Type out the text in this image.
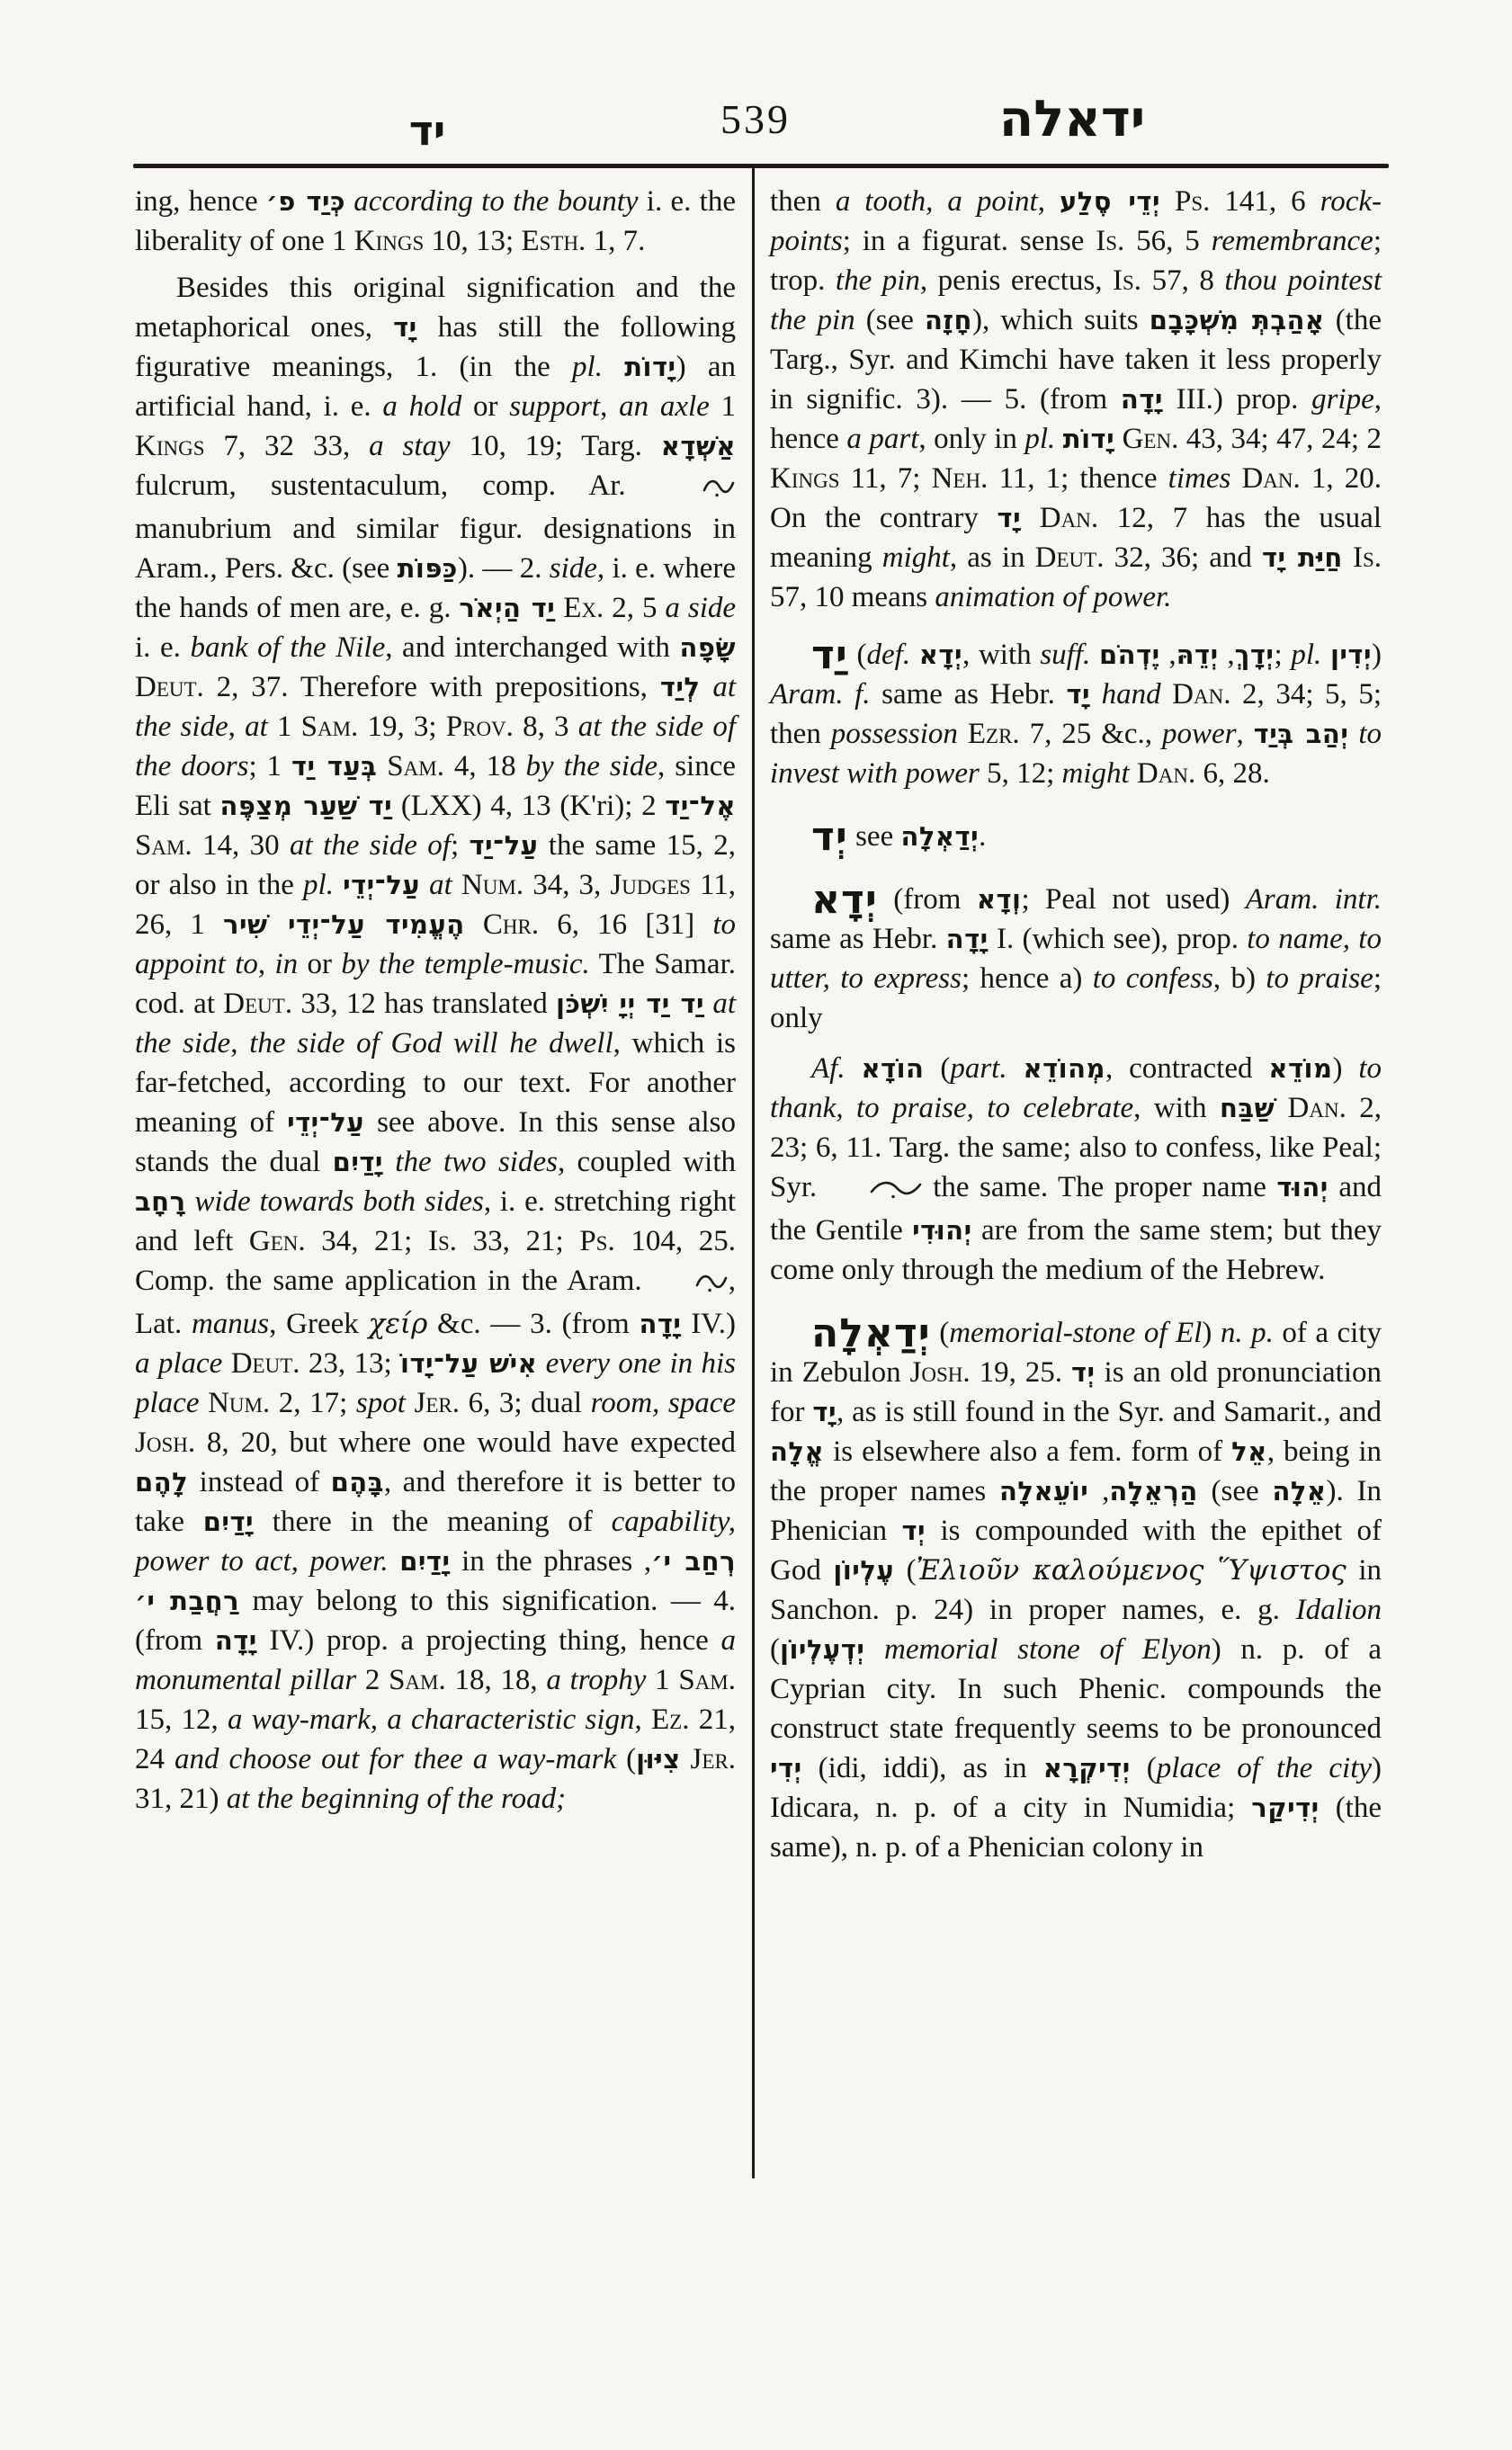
יד	539	ידאלה

ing, hence כְּיַד פ׳ according to the bounty i. e. the liberality of one 1 Kings 10, 13; Esth. 1, 7.

Besides this original signification and the metaphorical ones, יָד has still the following figurative meanings, 1. (in the pl. יָדוֹת) an artificial hand, i. e. a hold or support, an axle 1 Kings 7, 32 33, a stay 10, 19; Targ. אַשְׁדָא fulcrum, sustentaculum, comp. Ar.  manubrium and similar figur. designations in Aram., Pers. &c. (see כַּפּוֹת). — 2. side, i. e. where the hands of men are, e. g. יַד הַיְאֹר Ex. 2, 5 a side i. e. bank of the Nile, and interchanged with שָׂפָה Deut. 2, 37. Therefore with prepositions, לְיַד at the side, at 1 Sam. 19, 3; Prov. 8, 3 at the side of the doors; בְּעַד יַד 1 Sam. 4, 18 by the side, since Eli sat יַד שַׁעַר מְצַפֶּה (LXX) 4, 13 (K'ri); אֶל־יַד 2 Sam. 14, 30 at the side of; עַל־יַד the same 15, 2, or also in the pl. עַל־יְדֵי at Num. 34, 3, Judges 11, 26, הֶעֱמִיד עַל־יְדֵי שִׁיר 1 Chr. 6, 16 [31] to appoint to, in or by the temple-music. The Samar. cod. at Deut. 33, 12 has translated יַד יַד יְיָ יִשְׁכֹּן at the side, the side of God will he dwell, which is far-fetched, according to our text. For another meaning of עַל־יְדֵי see above. In this sense also stands the dual יָדַיִם the two sides, coupled with רָחָב wide towards both sides, i. e. stretching right and left Gen. 34, 21; Is. 33, 21; Ps. 104, 25. Comp. the same application in the Aram.	, Lat. manus, Greek χείρ &c. — 3. (from יָדָה IV.) a place Deut. 23, 13; אִישׁ עַל־יָדוֹ every one in his place Num. 2, 17; spot Jer. 6, 3; dual room, space Josh. 8, 20, but where one would have expected לָהֶם instead of בָּהֶם, and therefore it is better to take יָדַיִם there in the meaning of capability, power to act, power. יָדַיִם in the phrases רְחַב י׳, רַחֲבַת י׳ may belong to this signification. — 4. (from יָדָה IV.) prop. a projecting thing, hence a monumental pillar 2 Sam. 18, 18, a trophy 1 Sam. 15, 12, a way-mark, a characteristic sign, Ez. 21, 24 and choose out for thee a way-mark (צִיּוּן Jer. 31, 21) at the beginning of the road;

then a tooth, a point, יְדֵי סֶלַע Ps. 141, 6 rock-points; in a figurat. sense Is. 56, 5 remembrance; trop. the pin, penis erectus, Is. 57, 8 thou pointest the pin (see חָזָה), which suits אָהַבְתְּ מִשְׁכָּבָם (the Targ., Syr. and Kimchi have taken it less properly in signific. 3). — 5. (from יָדָה III.) prop. gripe, hence a part, only in pl. יָדוֹת Gen. 43, 34; 47, 24; 2 Kings 11, 7; Neh. 11, 1; thence times Dan. 1, 20. On the contrary יָד Dan. 12, 7 has the usual meaning might, as in Deut. 32, 36; and חַיַּת יָד Is. 57, 10 means animation of power.

יַד (def. יְדָא, with suff.	יְדָךְ, יְדֵהּ, יֶדְהֹם	; pl. יְדִין) Aram. f. same as Hebr. יָד hand Dan. 2, 34; 5, 5; then possession Ezr. 7, 25 &c., power, יְהַב בְּיַד to invest with power 5, 12; might Dan. 6, 28.

יְד see יְדַאְלָה.

יְדָא (from וְדָא; Peal not used) Aram. intr. same as Hebr. יָדָה I. (which see), prop. to name, to utter, to express; hence a) to confess, b) to praise; only

Af. הוֹדָא (part. מְהוֹדֵא, contracted מוֹדֵא) to thank, to praise, to celebrate, with שַׁבַּח Dan. 2, 23; 6, 11. Targ. the same; also to confess, like Peal; Syr.	the same. The proper name יְהוּד and the Gentile יְהוּדִי are from the same stem; but they come only through the medium of the Hebrew.

יְדַאְלָה (memorial-stone of El) n. p. of a city in Zebulon Josh. 19, 25. יְד is an old pronunciation for יָד, as is still found in the Syr. and Samarit., and אֱלָה is elsewhere also a fem. form of אֵל, being in the proper names	הַרְאֵלָה, יוֹעֵאלָה	(see אֵלָה). In Phenician יְד is compounded with the epithet of God עֶלְיוֹן (Ἐλιοῦν καλούμενος Ὕψιστος in Sanchon. p. 24) in proper names, e. g. Idalion (יְדְעֶלְיוֹן memorial stone of Elyon) n. p. of a Cyprian city. In such Phenic. compounds the construct state frequently seems to be pronounced יְדִי (idi, iddi), as in יְדִיקְרָא (place of the city) Idicara, n. p. of a city in Numidia; יְדִיקַר (the same), n. p. of a Phenician colony in
